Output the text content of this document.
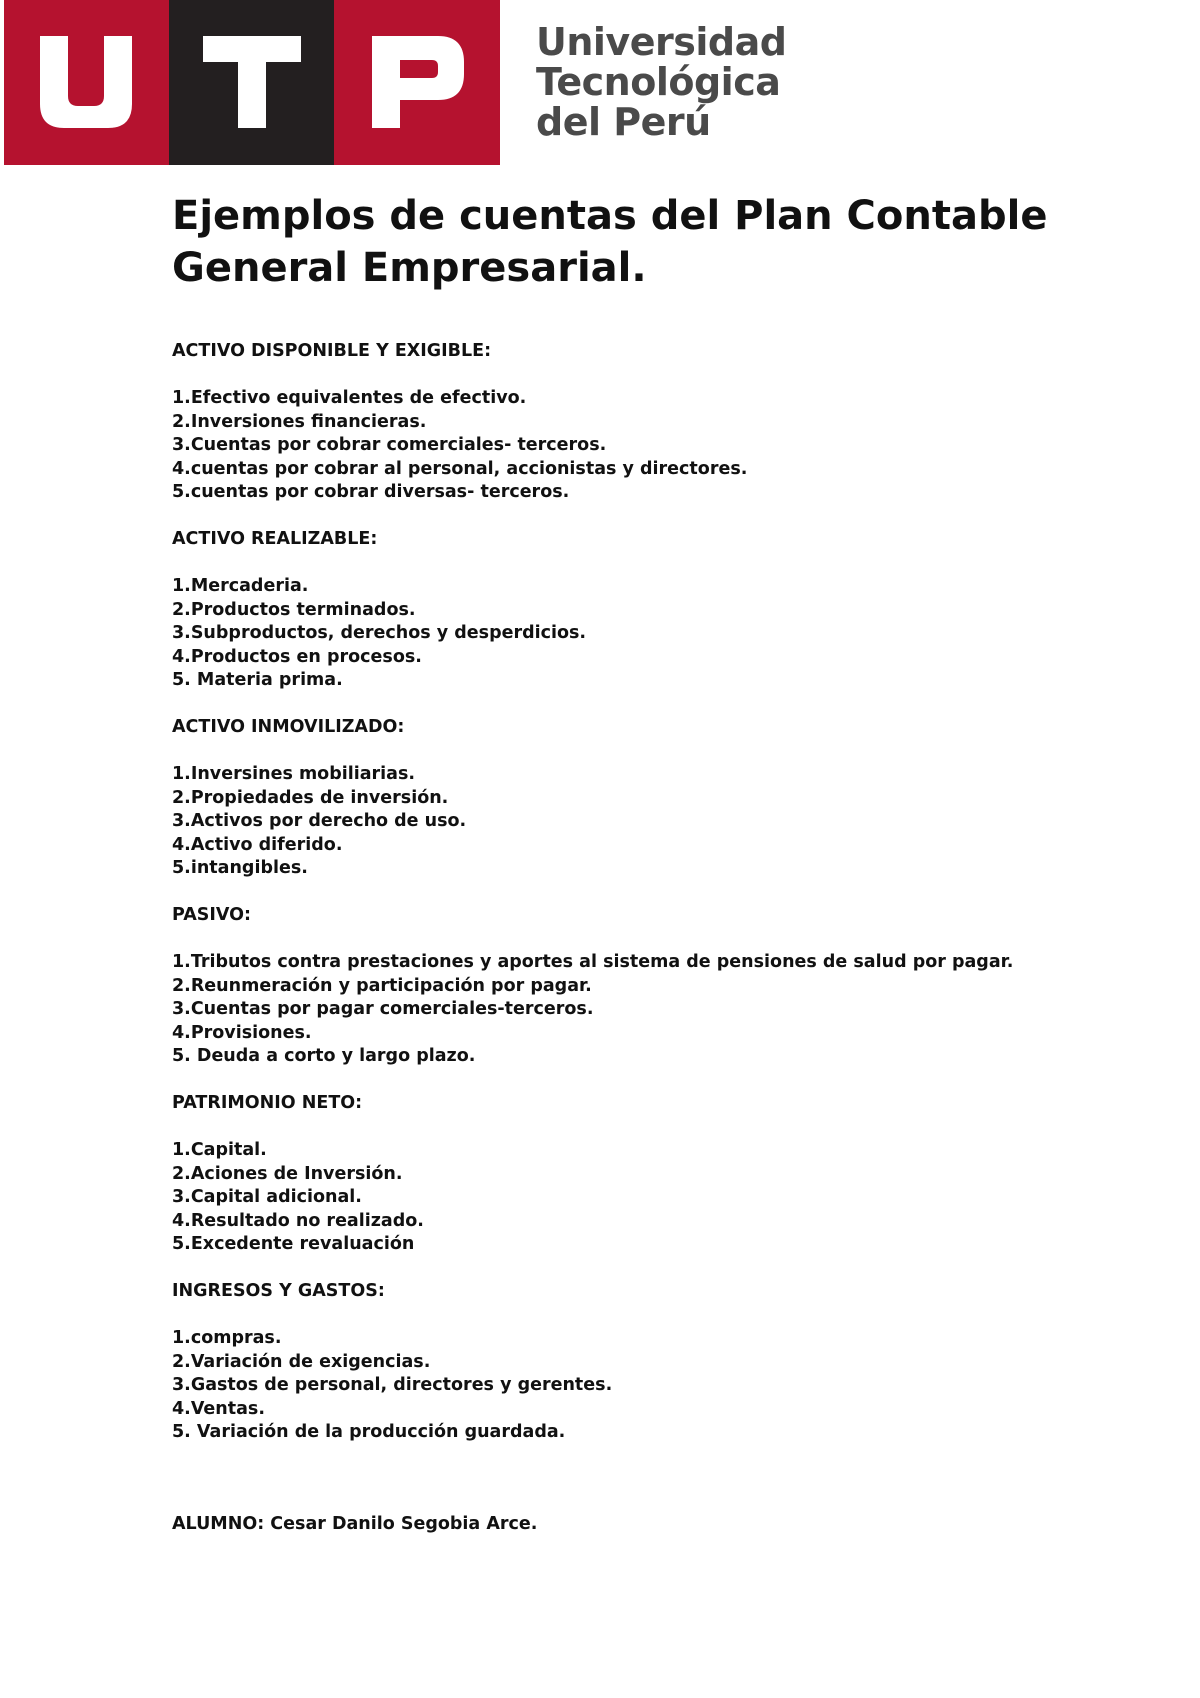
Universidad
Tecnológica
del Perú
Ejemplos de cuentas del Plan Contable
General Empresarial.
ACTIVO DISPONIBLE Y EXIGIBLE:
1.Efectivo equivalentes de efectivo.
2.Inversiones financieras.
3.Cuentas por cobrar comerciales- terceros.
4.cuentas por cobrar al personal, accionistas y directores.
5.cuentas por cobrar diversas- terceros.
ACTIVO REALIZABLE:
1.Mercaderia.
2.Productos terminados.
3.Subproductos, derechos y desperdicios.
4.Productos en procesos.
5. Materia prima.
ACTIVO INMOVILIZADO:
1.Inversines mobiliarias.
2.Propiedades de inversión.
3.Activos por derecho de uso.
4.Activo diferido.
5.intangibles.
PASIVO:
1.Tributos contra prestaciones y aportes al sistema de pensiones de salud por pagar.
2.Reunmeración y participación por pagar.
3.Cuentas por pagar comerciales-terceros.
4.Provisiones.
5. Deuda a corto y largo plazo.
PATRIMONIO NETO:
1.Capital.
2.Aciones de Inversión.
3.Capital adicional.
4.Resultado no realizado.
5.Excedente revaluación
INGRESOS Y GASTOS:
1.compras.
2.Variación de exigencias.
3.Gastos de personal, directores y gerentes.
4.Ventas.
5. Variación de la producción guardada.
ALUMNO: Cesar Danilo Segobia Arce.
